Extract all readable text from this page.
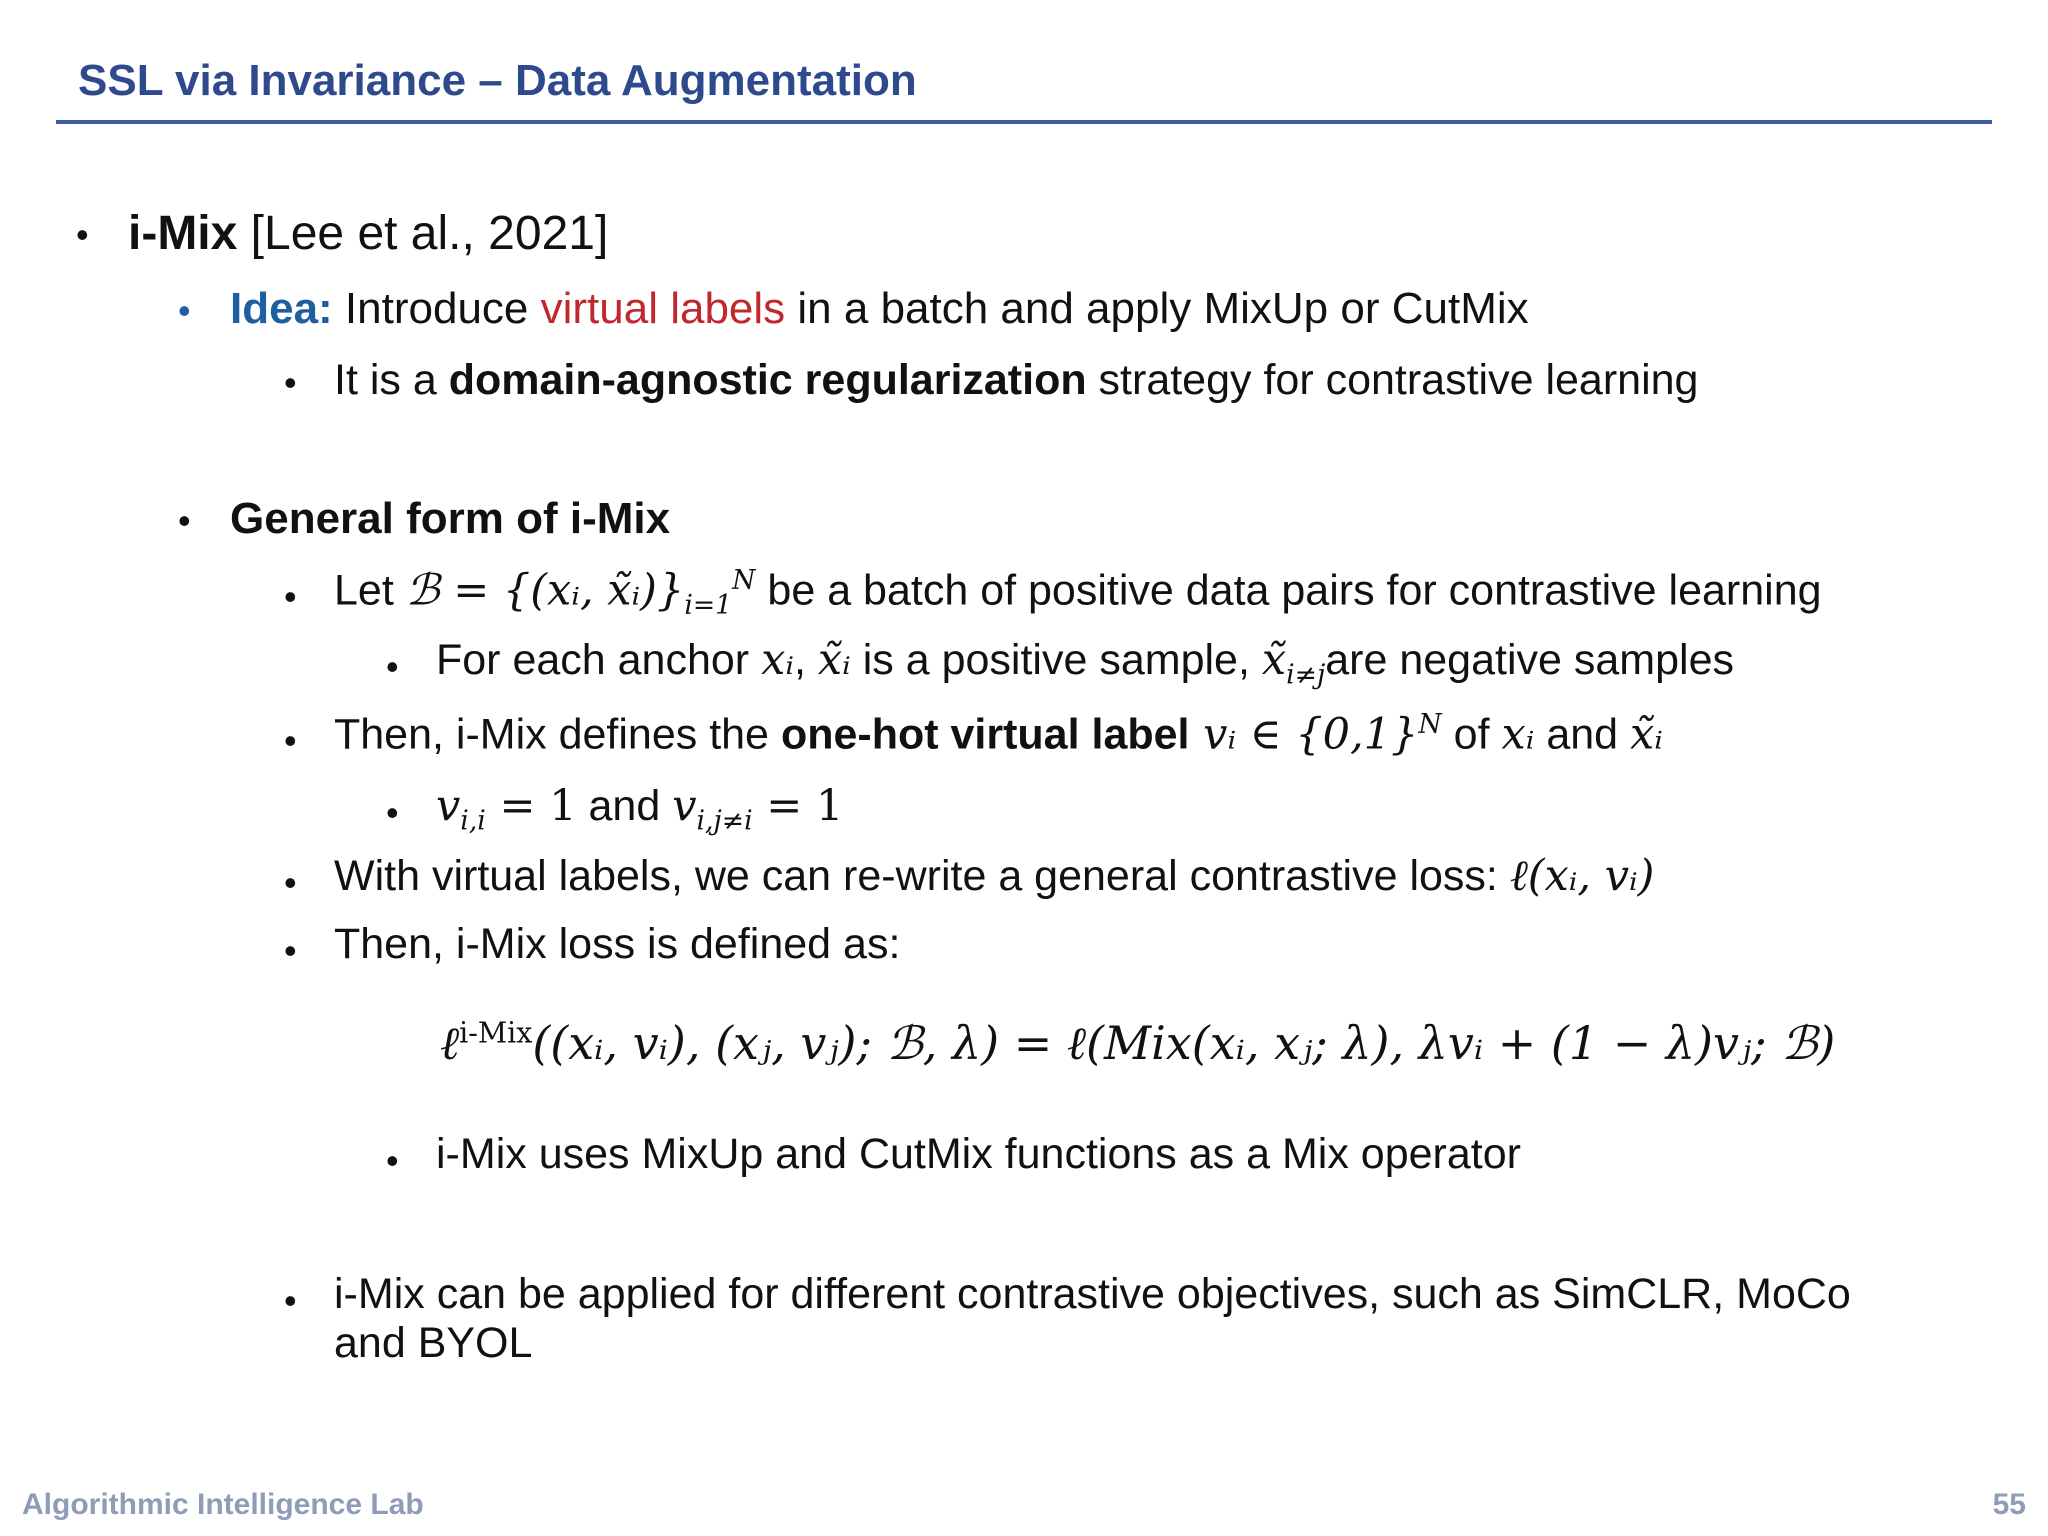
SSL via Invariance – Data Augmentation
• i-Mix [Lee et al., 2021]
• Idea: Introduce virtual labels in a batch and apply MixUp or CutMix
• It is a domain-agnostic regularization strategy for contrastive learning
• General form of i-Mix
• Let ℬ = {(xᵢ, $x̃ᵢ)\}_{i=1}^N$ be a batch of positive data pairs for contrastive learning
• For each anchor xᵢ, x̃ᵢ is a positive sample, $x̃_{i\ne j}are$ negative samples
• Then, i-Mix defines the one-hot virtual label vᵢ ∈ $\{0,1\}^N$ of xᵢ and x̃ᵢ
• $v_{i,i} = 1$ and $v_{i,j\ne i} = 1$
• With virtual labels, we can re-write a general contrastive loss: ℓ(xᵢ, vᵢ)
• Then, i-Mix loss is defined as:
ℓ$^{i-Mix}$((xᵢ, vᵢ), (xⱼ, vⱼ); ℬ, λ) = ℓ(Mix(xᵢ, xⱼ; λ), λvᵢ + (1 − λ)vⱼ; ℬ)
• i-Mix uses MixUp and CutMix functions as a Mix operator
• i-Mix can be applied for different contrastive objectives, such as SimCLR, MoCo
and BYOL
Algorithmic Intelligence Lab	55
